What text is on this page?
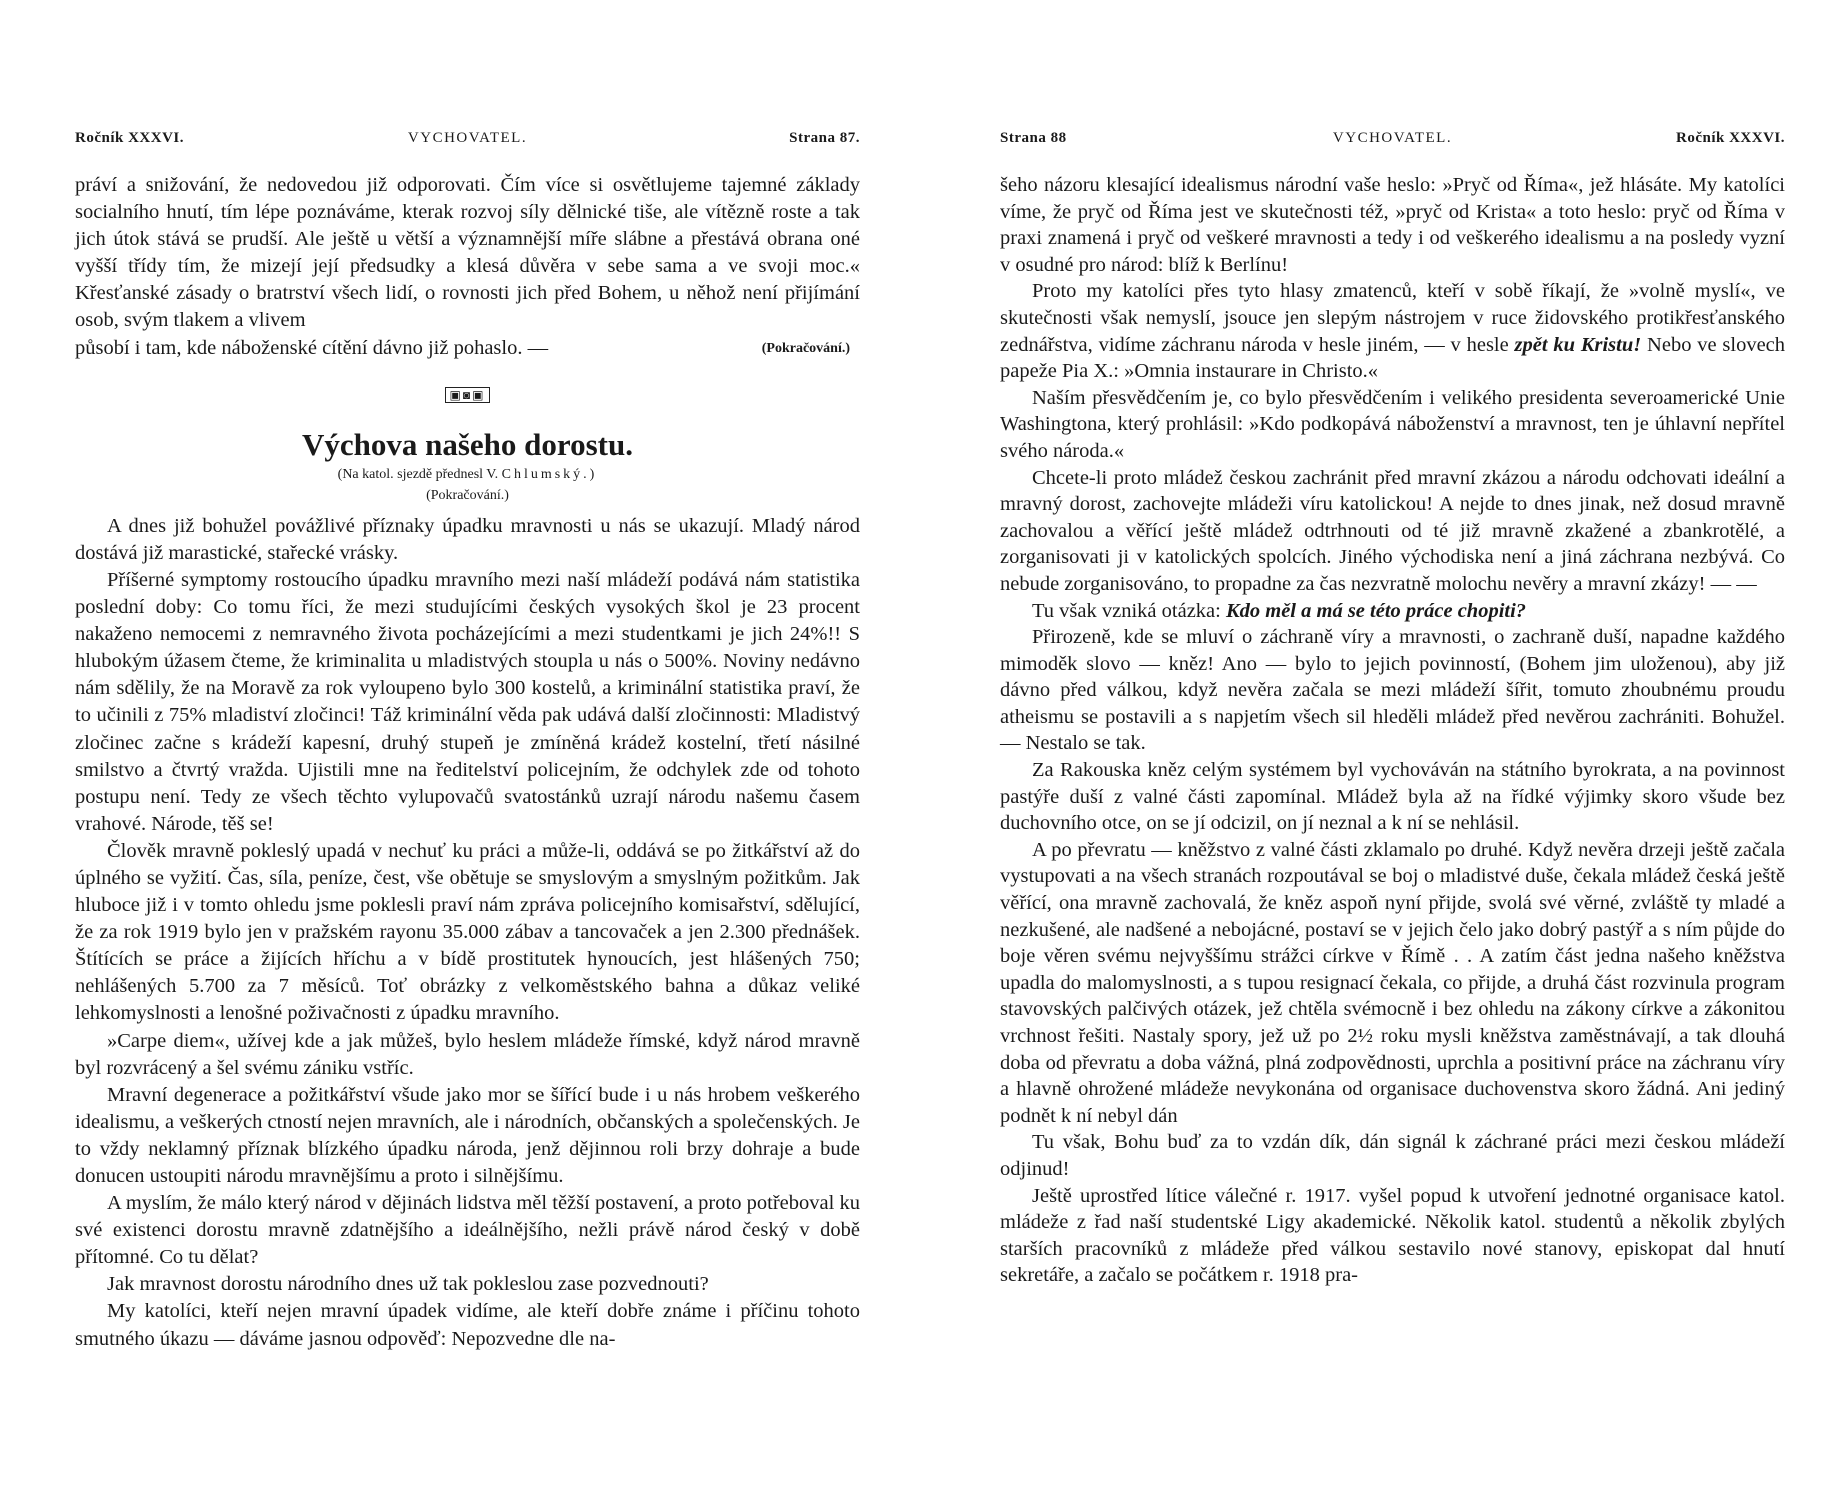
Ročník XXXVI.	VYCHOVATEL.	Strana 87.

práví a snižování, že nedovedou již odporovati. Čím více si osvětlujeme tajemné základy socialního hnutí, tím lépe poznáváme, kterak rozvoj síly dělnické tiše, ale vítězně roste a tak jich útok stává se prudší. Ale ještě u větší a významnější míře slábne a přestává obrana oné vyšší třídy tím, že mizejí její předsudky a klesá důvěra v sebe sama a ve svoji moc.« Křesťanské zásady o bratrství všech lidí, o rovnosti jich před Bohem, u něhož není přijímání osob, svým tlakem a vlivem

působí i tam, kde náboženské cítění dávno již pohaslo. —	(Pokračování.)
▣◙▣
Výchova našeho dorostu.
(Na katol. sjezdě přednesl V. Chlumský.)
(Pokračování.)

A dnes již bohužel povážlivé příznaky úpadku mravnosti u nás se ukazují. Mladý národ dostává již marastické, stařecké vrásky.

Příšerné symptomy rostoucího úpadku mravního mezi naší mládeží podává nám statistika poslední doby: Co tomu říci, že mezi studujícími českých vysokých škol je 23 procent nakaženo nemocemi z nemravného života pocházejícími a mezi studentkami je jich 24%!! S hlubokým úžasem čteme, že kriminalita u mladistvých stoupla u nás o 500%. Noviny nedávno nám sdělily, že na Moravě za rok vyloupeno bylo 300 kostelů, a kriminální statistika praví, že to učinili z 75% mladiství zločinci! Táž kriminální věda pak udává další zločinnosti: Mladistvý zločinec začne s krádeží kapesní, druhý stupeň je zmíněná krádež kostelní, třetí násilné smilstvo a čtvrtý vražda. Ujistili mne na ředitelství policejním, že odchylek zde od tohoto postupu není. Tedy ze všech těchto vylupovačů svatostánků uzrají národu našemu časem vrahové. Národe, těš se!

Člověk mravně pokleslý upadá v nechuť ku práci a může-li, oddává se po žitkářství až do úplného se vyžití. Čas, síla, peníze, čest, vše obětuje se smyslovým a smyslným požitkům. Jak hluboce již i v tomto ohledu jsme poklesli praví nám zpráva policejního komisařství, sdělující, že za rok 1919 bylo jen v pražském rayonu 35.000 zábav a tancovaček a jen 2.300 přednášek. Štítících se práce a žijících hříchu a v bídě prostitutek hynoucích, jest hlášených 750; nehlášených 5.700 za 7 měsíců. Toť obrázky z velkoměstského bahna a důkaz veliké lehkomyslnosti a lenošné poživačnosti z úpadku mravního.

»Carpe diem«, užívej kde a jak můžeš, bylo heslem mládeže římské, když národ mravně byl rozvrácený a šel svému zániku vstříc.

Mravní degenerace a požitkářství všude jako mor se šířící bude i u nás hrobem veškerého idealismu, a veškerých ctností nejen mravních, ale i národních, občanských a společenských. Je to vždy neklamný příznak blízkého úpadku národa, jenž dějinnou roli brzy dohraje a bude donucen ustoupiti národu mravnějšímu a proto i silnějšímu.

A myslím, že málo který národ v dějinách lidstva měl těžší postavení, a proto potřeboval ku své existenci dorostu mravně zdatnějšího a ideálnějšího, nežli právě národ český v době přítomné. Co tu dělat?

Jak mravnost dorostu národního dnes už tak pokleslou zase pozvednouti?

My katolíci, kteří nejen mravní úpadek vidíme, ale kteří dobře známe i příčinu tohoto smutného úkazu — dáváme jasnou odpověď: Nepozvedne dle na-

Strana 88	VYCHOVATEL.	Ročník XXXVI.

šeho názoru klesající idealismus národní vaše heslo: »Pryč od Říma«, jež hlásáte. My katolíci víme, že pryč od Říma jest ve skutečnosti též, »pryč od Krista« a toto heslo: pryč od Říma v praxi znamená i pryč od veškeré mravnosti a tedy i od veškerého idealismu a na posledy vyzní v osudné pro národ: blíž k Berlínu!

Proto my katolíci přes tyto hlasy zmatenců, kteří v sobě říkají, že »volně myslí«, ve skutečnosti však nemyslí, jsouce jen slepým nástrojem v ruce židovského protikřesťanského zednářstva, vidíme záchranu národa v hesle jiném, — v hesle zpět ku Kristu! Nebo ve slovech papeže Pia X.: »Omnia instaurare in Christo.«

Naším přesvědčením je, co bylo přesvědčením i velikého presidenta severoamerické Unie Washingtona, který prohlásil: »Kdo podkopává náboženství a mravnost, ten je úhlavní nepřítel svého národa.«

Chcete-li proto mládež českou zachránit před mravní zkázou a národu odchovati ideální a mravný dorost, zachovejte mládeži víru katolickou! A nejde to dnes jinak, než dosud mravně zachovalou a věřící ještě mládež odtrhnouti od té již mravně zkažené a zbankrotělé, a zorganisovati ji v katolických spolcích. Jiného východiska není a jiná záchrana nezbývá. Co nebude zorganisováno, to propadne za čas nezvratně molochu nevěry a mravní zkázy! — —

Tu však vzniká otázka: Kdo měl a má se této práce chopiti?

Přirozeně, kde se mluví o záchraně víry a mravnosti, o zachraně duší, napadne každého mimoděk slovo — kněz! Ano — bylo to jejich povinností, (Bohem jim uloženou), aby již dávno před válkou, když nevěra začala se mezi mládeží šířit, tomuto zhoubnému proudu atheismu se postavili a s napjetím všech sil hleděli mládež před nevěrou zachrániti. Bohužel. — Nestalo se tak.

Za Rakouska kněz celým systémem byl vychováván na státního byrokrata, a na povinnost pastýře duší z valné části zapomínal. Mládež byla až na řídké výjimky skoro všude bez duchovního otce, on se jí odcizil, on jí neznal a k ní se nehlásil.

A po převratu — kněžstvo z valné části zklamalo po druhé. Když nevěra drzeji ještě začala vystupovati a na všech stranách rozpoutával se boj o mladistvé duše, čekala mládež česká ještě věřící, ona mravně zachovalá, že kněz aspoň nyní přijde, svolá své věrné, zvláště ty mladé a nezkušené, ale nadšené a nebojácné, postaví se v jejich čelo jako dobrý pastýř a s ním půjde do boje věren svému nejvyššímu strážci církve v Římě . . A zatím část jedna našeho kněžstva upadla do malomyslnosti, a s tupou resignací čekala, co přijde, a druhá část rozvinula program stavovských palčivých otázek, jež chtěla svémocně i bez ohledu na zákony církve a zákonitou vrchnost řešiti. Nastaly spory, jež už po 2½ roku mysli kněžstva zaměstnávají, a tak dlouhá doba od převratu a doba vážná, plná zodpovědnosti, uprchla a positivní práce na záchranu víry a hlavně ohrožené mládeže nevykonána od organisace duchovenstva skoro žádná. Ani jediný podnět k ní nebyl dán

Tu však, Bohu buď za to vzdán dík, dán signál k záchrané práci mezi českou mládeží odjinud!

Ještě uprostřed lítice válečné r. 1917. vyšel popud k utvoření jednotné organisace katol. mládeže z řad naší studentské Ligy akademické. Několik katol. studentů a několik zbylých starších pracovníků z mládeže před válkou sestavilo nové stanovy, episkopat dal hnutí sekretáře, a začalo se počátkem r. 1918 pra-
